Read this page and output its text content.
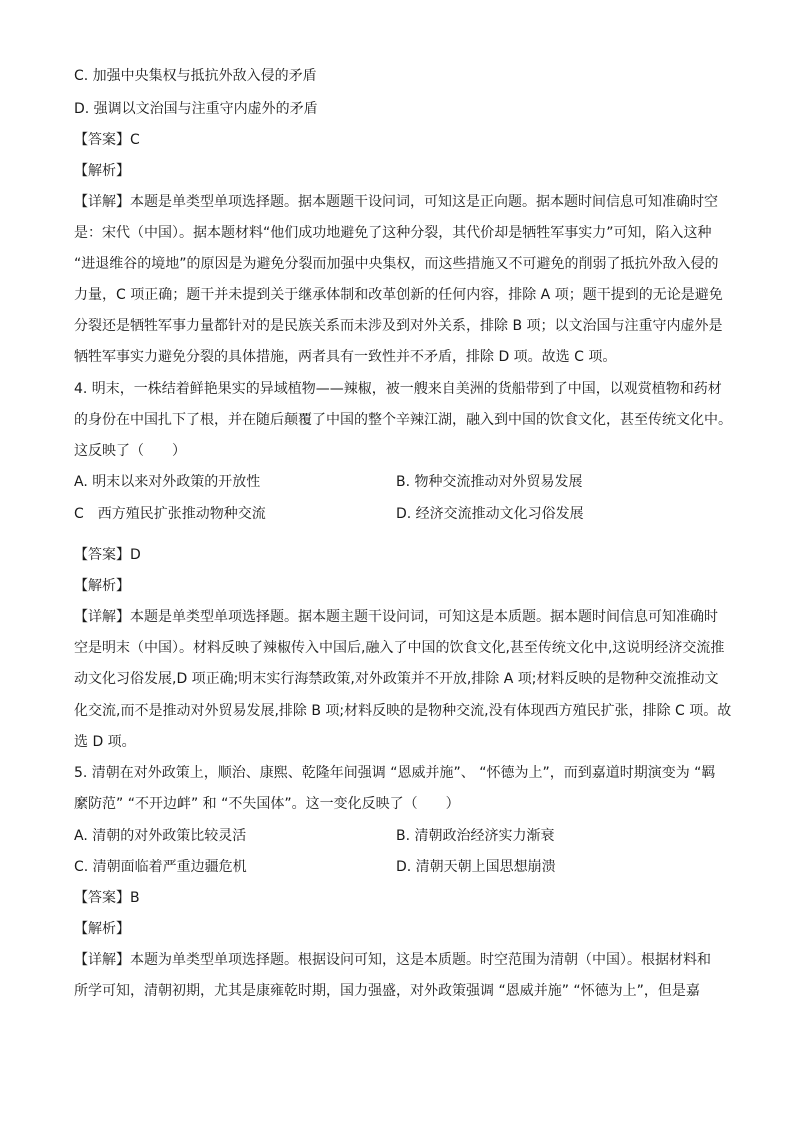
C. 加强中央集权与抵抗外敌入侵的矛盾
D. 强调以文治国与注重守内虚外的矛盾
【答案】C
【解析】
【详解】本题是单类型单项选择题。据本题题干设问词，可知这是正向题。据本题时间信息可知准确时空
是：宋代（中国）。据本题材料“他们成功地避免了这种分裂，其代价却是牺牲军事实力”可知，陷入这种
“进退维谷的境地”的原因是为避免分裂而加强中央集权，而这些措施又不可避免的削弱了抵抗外敌入侵的
力量，C 项正确；题干并未提到关于继承体制和改革创新的任何内容，排除 A 项；题干提到的无论是避免
分裂还是牺牲军事力量都针对的是民族关系而未涉及到对外关系，排除 B 项；以文治国与注重守内虚外是
牺牲军事实力避免分裂的具体措施，两者具有一致性并不矛盾，排除 D 项。故选 C 项。
4. 明末，一株结着鲜艳果实的异域植物——辣椒，被一艘来自美洲的货船带到了中国，以观赏植物和药材
的身份在中国扎下了根，并在随后颠覆了中国的整个辛辣江湖，融入到中国的饮食文化，甚至传统文化中。
这反映了（　　）
A. 明末以来对外政策的开放性	B. 物种交流推动对外贸易发展
C　西方殖民扩张推动物种交流	D. 经济交流推动文化习俗发展
【答案】D
【解析】
【详解】本题是单类型单项选择题。据本题主题干设问词，可知这是本质题。据本题时间信息可知准确时
空是明末（中国）。材料反映了辣椒传入中国后,融入了中国的饮食文化,甚至传统文化中,这说明经济交流推
动文化习俗发展,D 项正确;明末实行海禁政策,对外政策并不开放,排除 A 项;材料反映的是物种交流推动文
化交流,而不是推动对外贸易发展,排除 B 项;材料反映的是物种交流,没有体现西方殖民扩张，排除 C 项。故
选 D 项。
5. 清朝在对外政策上，顺治、康熙、乾隆年间强调 “恩威并施”、 “怀德为上”，而到嘉道时期演变为 “羁
縻防范” “不开边衅” 和 “不失国体”。这一变化反映了（　　）
A. 清朝的对外政策比较灵活	B. 清朝政治经济实力渐衰
C. 清朝面临着严重边疆危机	D. 清朝天朝上国思想崩溃
【答案】B
【解析】
【详解】本题为单类型单项选择题。根据设问可知，这是本质题。时空范围为清朝（中国）。根据材料和
所学可知，清朝初期，尤其是康雍乾时期，国力强盛，对外政策强调 “恩威并施” “怀德为上”，但是嘉
